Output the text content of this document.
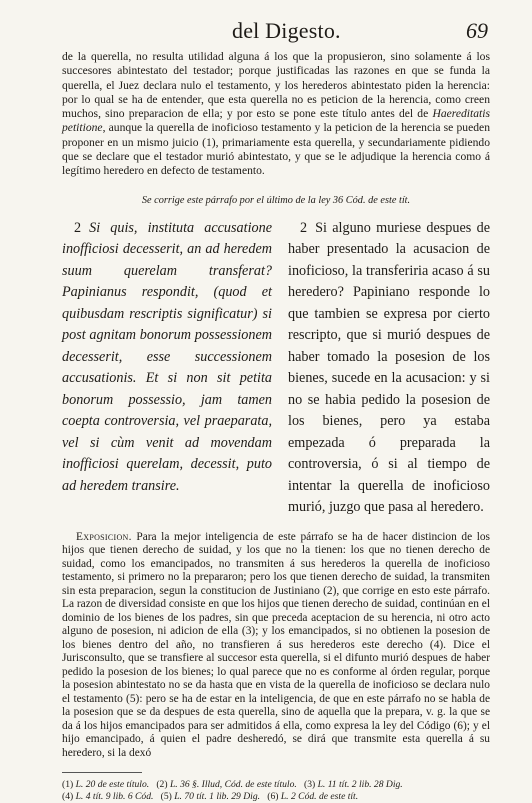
del Digesto.	69

de la querella, no resulta utilidad alguna á los que la propusieron, sino solamente á los succesores abintestato del testador; porque justificadas las razones en que se funda la querella, el Juez declara nulo el testamento, y los herederos abintestato piden la herencia: por lo qual se ha de entender, que esta querella no es peticion de la herencia, como creen muchos, sino preparacion de ella; y por esto se pone este título antes del de Haereditatis petitione, aunque la querella de inoficioso testamento y la peticion de la herencia se pueden proponer en un mismo juicio (1), primariamente esta querella, y secundariamente pidiendo que se declare que el testador murió abintestato, y que se le adjudique la herencia como á legítimo heredero en defecto de testamento.

Se corrige este párrafo por el último de la ley 36 Cód. de este tít.

2 Si quis, instituta accusatione inofficiosi decesserit, an ad heredem suum querelam transferat? Papinianus respondit, (quod et quibusdam rescriptis significatur) si post agnitam bonorum possessionem decesserit, esse successionem accusationis. Et si non sit petita bonorum possessio, jam tamen coepta controversia, vel praeparata, vel si cùm venit ad movendam inofficiosi querelam, decessit, puto ad heredem transire.

2 Si alguno muriese despues de haber presentado la acusacion de inoficioso, la transferiria acaso á su heredero? Papiniano responde lo que tambien se expresa por cierto rescripto, que si murió despues de haber tomado la posesion de los bienes, sucede en la acusacion: y si no se habia pedido la posesion de los bienes, pero ya estaba empezada ó preparada la controversia, ó si al tiempo de intentar la querella de inoficioso murió, juzgo que pasa al heredero.

Exposicion. Para la mejor inteligencia de este párrafo se ha de hacer distincion de los hijos que tienen derecho de suidad, y los que no la tienen: los que no tienen derecho de suidad, como los emancipados, no transmiten á sus herederos la querella de inoficioso testamento, si primero no la prepararon; pero los que tienen derecho de suidad, la transmiten sin esta preparacion, segun la constitucion de Justiniano (2), que corrige en esto este párrafo. La razon de diversidad consiste en que los hijos que tienen derecho de suidad, continúan en el dominio de los bienes de los padres, sin que preceda aceptacion de su herencia, ni otro acto alguno de posesion, ni adicion de ella (3); y los emancipados, si no obtienen la posesion de los bienes dentro del año, no transfieren á sus herederos este derecho (4). Dice el Jurisconsulto, que se transfiere al succesor esta querella, si el difunto murió despues de haber pedido la posesion de los bienes; lo qual parece que no es conforme al órden regular, porque la posesion abintestato no se da hasta que en vista de la querella de inoficioso se declara nulo el testamento (5): pero se ha de estar en la inteligencia, de que en este párrafo no se habla de la posesion que se da despues de esta querella, sino de aquella que la prepara, v. g. la que se da á los hijos emancipados para ser admitidos á ella, como expresa la ley del Código (6); y el hijo emancipado, á quien el padre desheredó, se dirá que transmite esta querella á su heredero, si la dexó

(1) L. 20 de este título. (2) L. 36 §. Illud, Cód. de este título. (3) L. 11 tít. 2 lib. 28 Dig.
(4) L. 4 tít. 9 lib. 6 Cód. (5) L. 70 tít. 1 lib. 29 Dig. (6) L. 2 Cód. de este tít.
